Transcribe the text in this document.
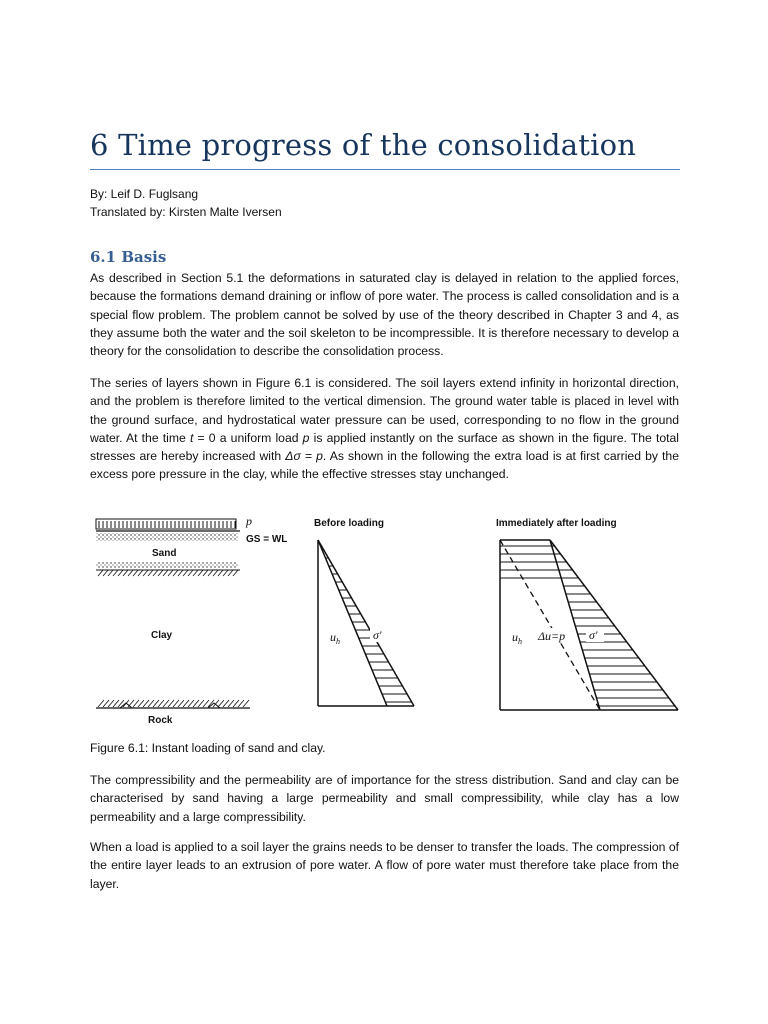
6 Time progress of the consolidation
By: Leif D. Fuglsang
Translated by: Kirsten Malte Iversen
6.1 Basis

As described in Section 5.1 the deformations in saturated clay is delayed in relation to the applied forces, because the formations demand draining or inflow of pore water. The process is called consolidation and is a special flow problem. The problem cannot be solved by use of the theory described in Chapter 3 and 4, as they assume both the water and the soil skeleton to be incompressible. It is therefore necessary to develop a theory for the consolidation to describe the consolidation process.

The series of layers shown in Figure 6.1 is considered. The soil layers extend infinity in horizontal direction, and the problem is therefore limited to the vertical dimension. The ground water table is placed in level with the ground surface, and hydrostatical water pressure can be used, corresponding to no flow in the ground water. At the time t = 0 a uniform load p is applied instantly on the surface as shown in the figure. The total stresses are hereby increased with Δσ = p. As shown in the following the extra load is at first carried by the excess pore pressure in the clay, while the effective stresses stay unchanged.

p
GS = WL
Sand
Clay
Rock
Before loading
$u_h$	σ'
Immediately after loading
$u_h$ Δu=p σ'
Figure 6.1: Instant loading of sand and clay.

The compressibility and the permeability are of importance for the stress distribution. Sand and clay can be characterised by sand having a large permeability and small compressibility, while clay has a low permeability and a large compressibility.

When a load is applied to a soil layer the grains needs to be denser to transfer the loads. The compression of the entire layer leads to an extrusion of pore water. A flow of pore water must therefore take place from the layer.
